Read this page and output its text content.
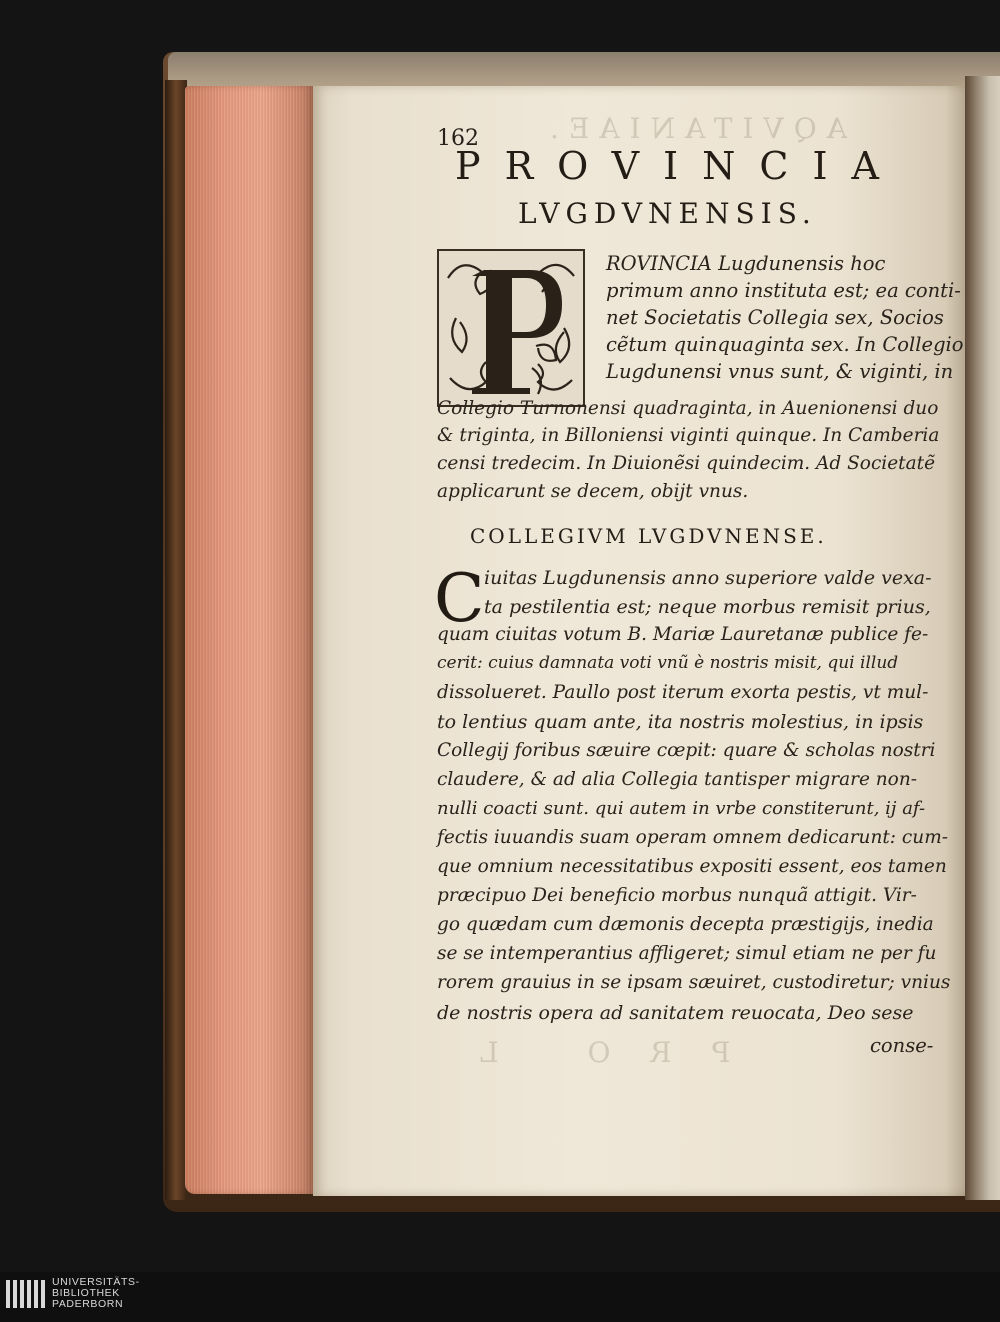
AQVITANIAE.
PRO L
162
PROVINCIA
LVGDVNENSIS.
ROVINCIA Lugdunensis hoc
primum anno instituta est; ea conti-
net Societatis Collegia sex, Socios
cẽtum quinquaginta sex. In Collegio
Lugdunensi vnus sunt, & viginti, in
Collegio Turnonensi quadraginta, in Auenionensi duo
& triginta, in Billoniensi viginti quinque. In Camberia
censi tredecim. In Diuionẽsi quindecim. Ad Societatẽ
applicarunt se decem, obijt vnus.
COLLEGIVM LVGDVNENSE.
C iuitas Lugdunensis anno superiore valde vexa-
ta pestilentia est; neque morbus remisit prius,
quam ciuitas votum B. Mariæ Lauretanæ publice fe-
cerit: cuius damnata voti vnũ è nostris misit, qui illud
dissolueret. Paullo post iterum exorta pestis, vt mul-
to lentius quam ante, ita nostris molestius, in ipsis
Collegij foribus sæuire cœpit: quare & scholas nostri
claudere, & ad alia Collegia tantisper migrare non-
nulli coacti sunt. qui autem in vrbe constiterunt, ij af-
fectis iuuandis suam operam omnem dedicarunt: cum-
que omnium necessitatibus expositi essent, eos tamen
præcipuo Dei beneficio morbus nunquã attigit. Vir-
go quædam cum dæmonis decepta præstigijs, inedia
se se intemperantius affligeret; simul etiam ne per fu
rorem grauius in se ipsam sæuiret, custodiretur; vnius
de nostris opera ad sanitatem reuocata, Deo sese
conse-
UNIVERSITÄTS-
BIBLIOTHEK
PADERBORN
